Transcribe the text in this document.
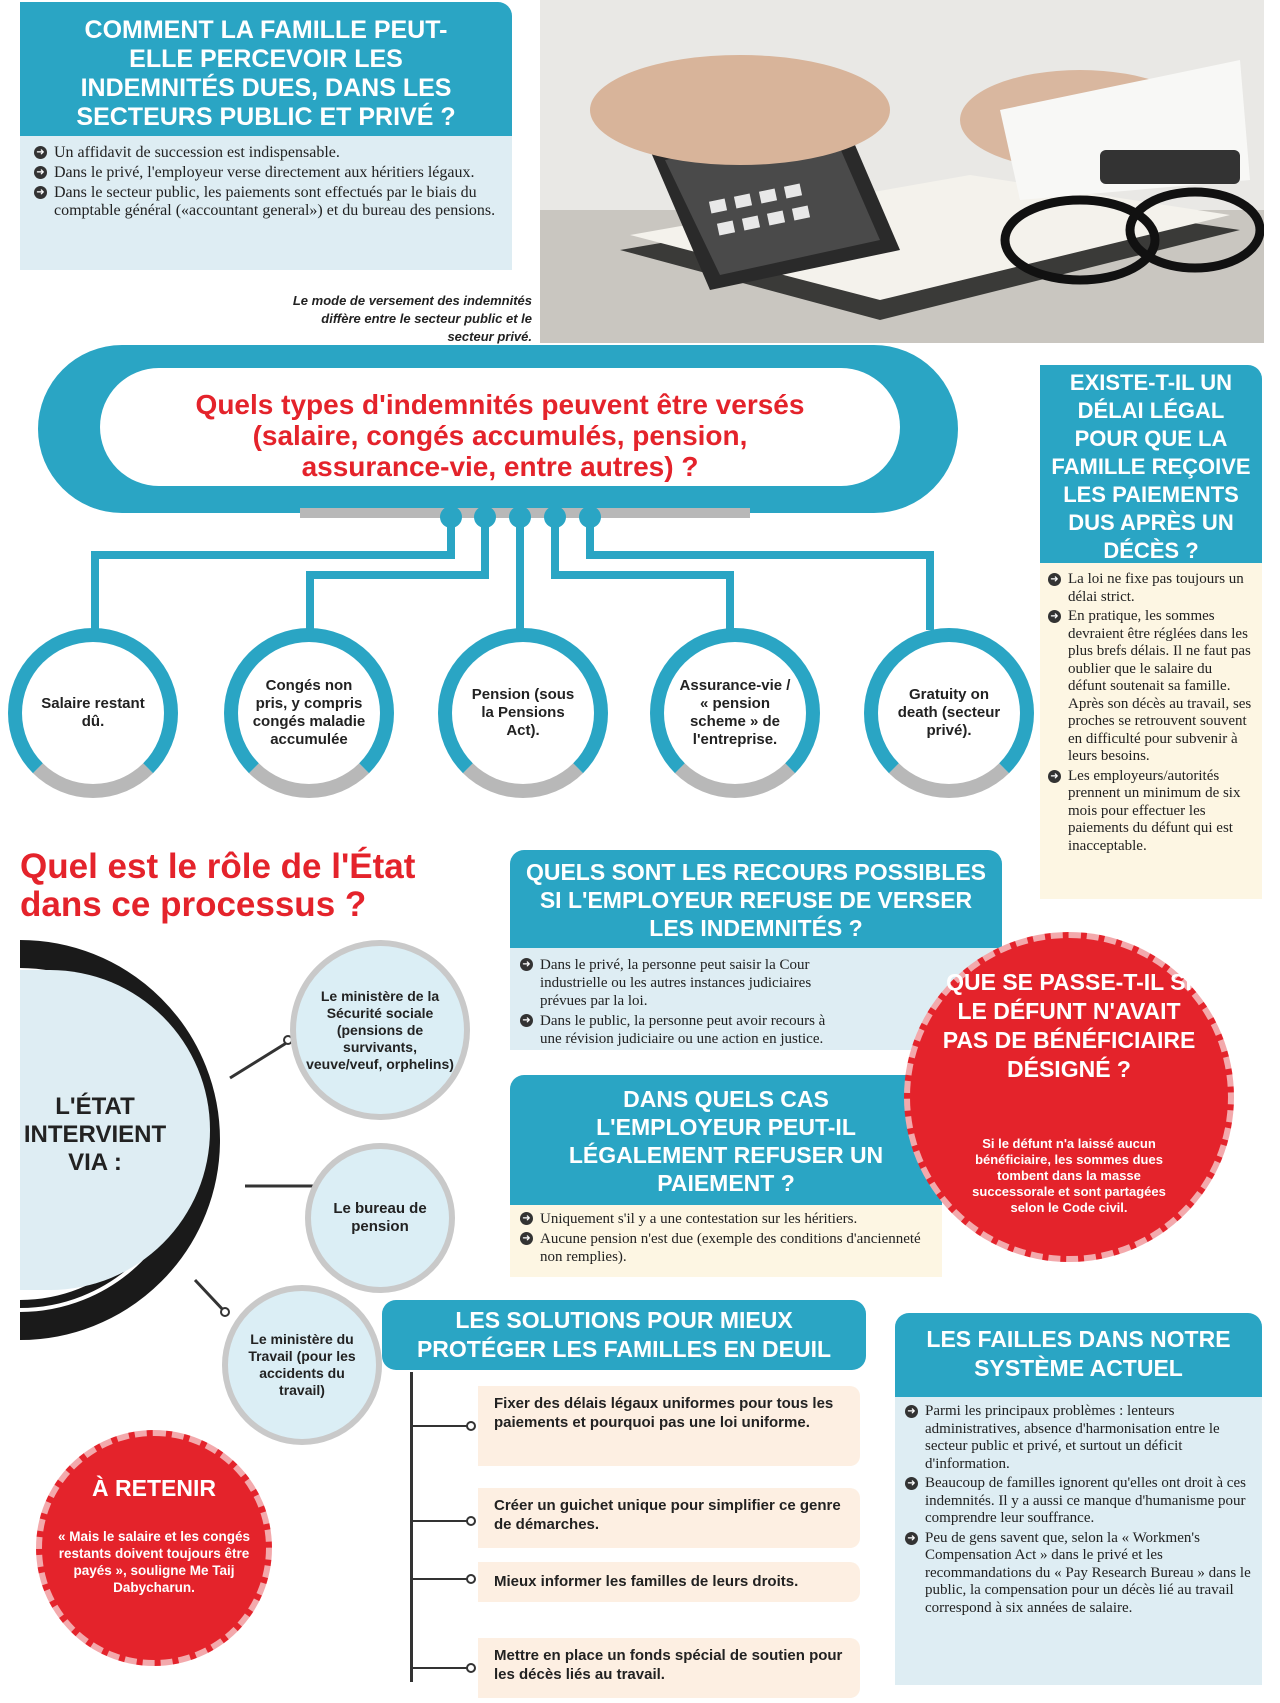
COMMENT LA FAMILLE PEUT-ELLE PERCEVOIR LES INDEMNITÉS DUES, DANS LES SECTEURS PUBLIC ET PRIVÉ ?
➜ Un affidavit de succession est indispensable.
➜ Dans le privé, l'employeur verse directement aux héritiers légaux.
➜ Dans le secteur public, les paiements sont effectués par le biais du comptable général («accountant general») et du bureau des pensions.
Le mode de versement des indemnités diffère entre le secteur public et le secteur privé.
Quels types d'indemnités peuvent être versés (salaire, congés accumulés, pension, assurance-vie, entre autres) ?
Salaire restant dû.
Congés non pris, y compris congés maladie accumulée
Pension (sous la Pensions Act).
Assurance-vie / « pension scheme » de l'entreprise.
Gratuity on death (secteur privé).
EXISTE-T-IL UN DÉLAI LÉGAL POUR QUE LA FAMILLE REÇOIVE LES PAIEMENTS DUS APRÈS UN DÉCÈS ?
➜ La loi ne fixe pas toujours un délai strict.
➜ En pratique, les sommes devraient être réglées dans les plus brefs délais. Il ne faut pas oublier que le salaire du défunt soutenait sa famille. Après son décès au travail, ses proches se retrouvent souvent en difficulté pour subvenir à leurs besoins.
➜ Les employeurs/autorités prennent un minimum de six mois pour effectuer les paiements du défunt qui est inacceptable.
Quel est le rôle de l'État dans ce processus ?
L'ÉTAT INTERVIENT VIA :
Le ministère de la Sécurité sociale (pensions de survivants, veuve/veuf, orphelins)
Le bureau de pension
Le ministère du Travail (pour les accidents du travail)
QUELS SONT LES RECOURS POSSIBLES SI L'EMPLOYEUR REFUSE DE VERSER LES INDEMNITÉS ?
➜ Dans le privé, la personne peut saisir la Cour industrielle ou les autres instances judiciaires prévues par la loi.
➜ Dans le public, la personne peut avoir recours à une révision judiciaire ou une action en justice.
DANS QUELS CAS L'EMPLOYEUR PEUT-IL LÉGALEMENT REFUSER UN PAIEMENT ?
➜ Uniquement s'il y a une contestation sur les héritiers.
➜ Aucune pension n'est due (exemple des conditions d'ancienneté non remplies).
QUE SE PASSE-T-IL SI LE DÉFUNT N'AVAIT PAS DE BÉNÉFICIAIRE DÉSIGNÉ ?
Si le défunt n'a laissé aucun bénéficiaire, les sommes dues tombent dans la masse successorale et sont partagées selon le Code civil.
LES SOLUTIONS POUR MIEUX PROTÉGER LES FAMILLES EN DEUIL
Fixer des délais légaux uniformes pour tous les paiements et pourquoi pas une loi uniforme.
Créer un guichet unique pour simplifier ce genre de démarches.
Mieux informer les familles de leurs droits.
Mettre en place un fonds spécial de soutien pour les décès liés au travail.
LES FAILLES DANS NOTRE SYSTÈME ACTUEL
➜ Parmi les principaux problèmes : lenteurs administratives, absence d'harmonisation entre le secteur public et privé, et surtout un déficit d'information.
➜ Beaucoup de familles ignorent qu'elles ont droit à ces indemnités. Il y a aussi ce manque d'humanisme pour comprendre leur souffrance.
➜ Peu de gens savent que, selon la « Workmen's Compensation Act » dans le privé et les recommandations du « Pay Research Bureau » dans le public, la compensation pour un décès lié au travail correspond à six années de salaire.
À RETENIR
« Mais le salaire et les congés restants doivent toujours être payés », souligne Me Taij Dabycharun.
